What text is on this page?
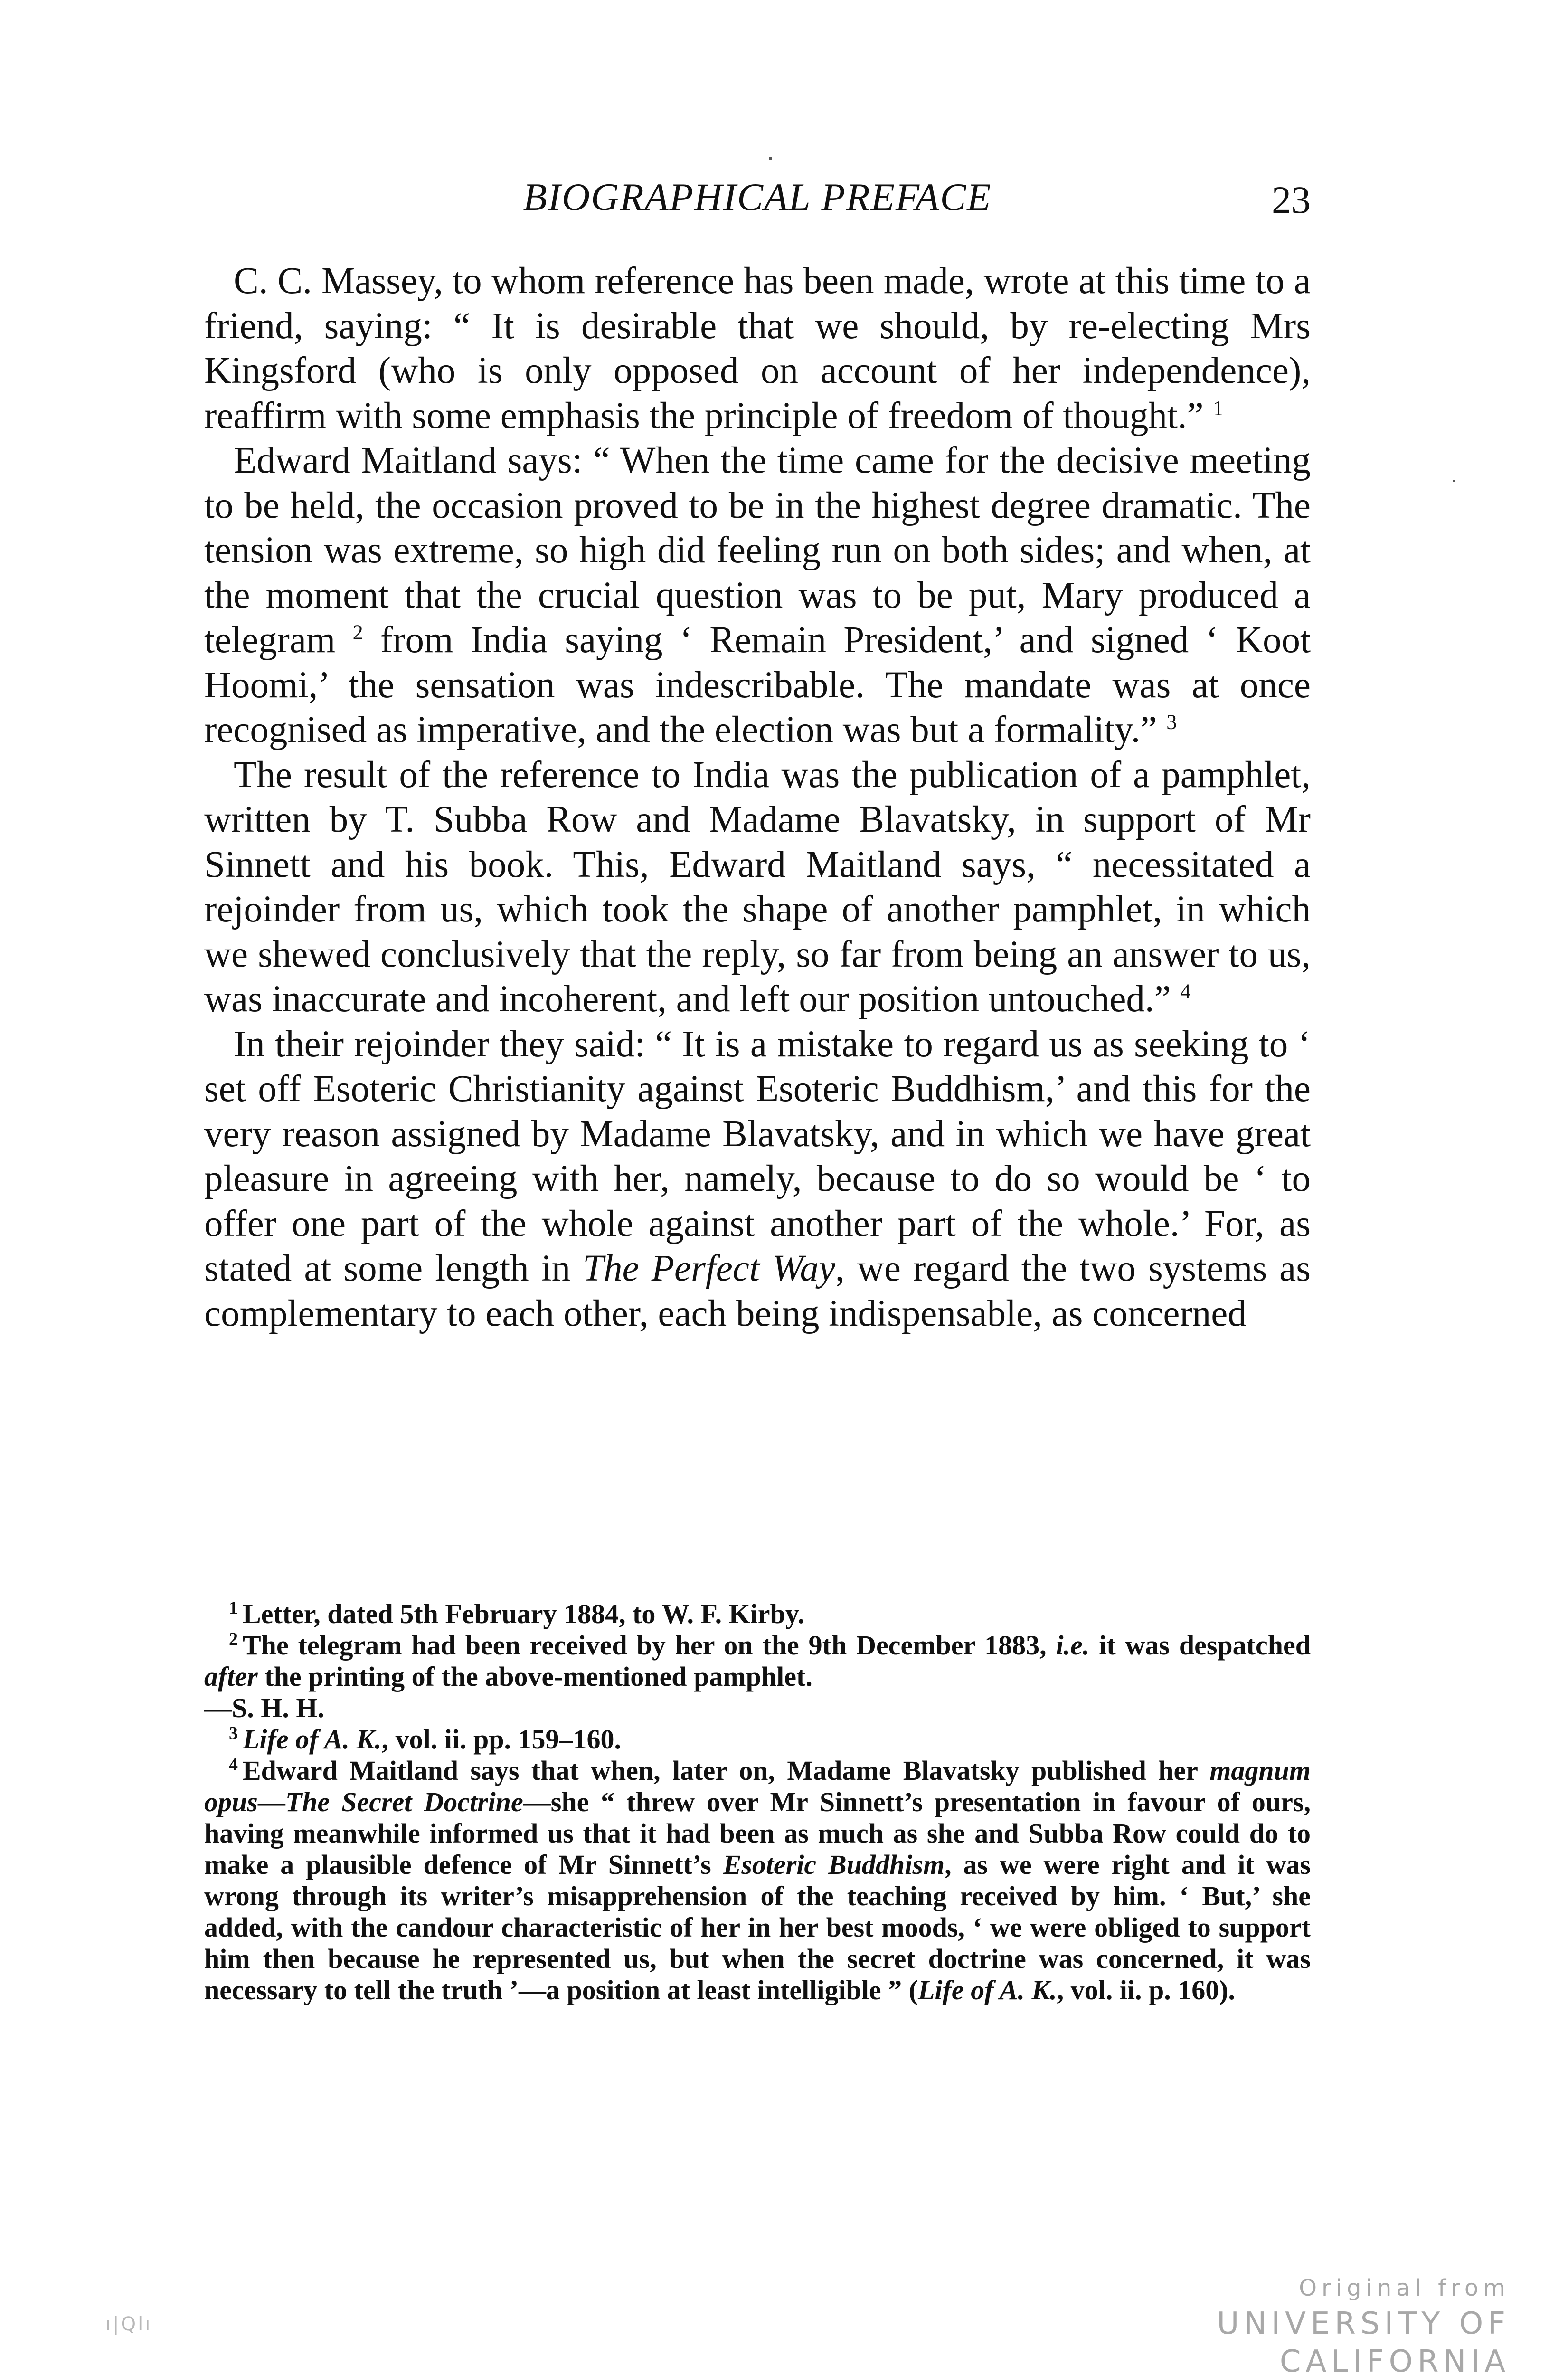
BIOGRAPHICAL PREFACE	23

C. C. Massey, to whom reference has been made, wrote at this time to a friend, saying: “ It is desirable that we should, by re-electing Mrs Kingsford (who is only opposed on account of her independence), reaffirm with some emphasis the principle of freedom of thought.” $^1$

Edward Maitland says: “ When the time came for the decisive meeting to be held, the occasion proved to be in the highest degree dramatic. The tension was extreme, so high did feeling run on both sides; and when, at the moment that the crucial question was to be put, Mary produced a telegram $^2$ from India saying ‘ Remain President,’ and signed ‘ Koot Hoomi,’ the sensation was indescribable. The mandate was at once recognised as imperative, and the election was but a formality.” $^3$

The result of the reference to India was the publication of a pamphlet, written by T. Subba Row and Madame Blavatsky, in support of Mr Sinnett and his book. This, Edward Maitland says, “ necessitated a rejoinder from us, which took the shape of another pamphlet, in which we shewed conclusively that the reply, so far from being an answer to us, was inaccurate and incoherent, and left our position untouched.” $^4$

In their rejoinder they said: “ It is a mistake to regard us as seeking to ‘ set off Esoteric Christianity against Esoteric Buddhism,’ and this for the very reason assigned by Madame Blavatsky, and in which we have great pleasure in agreeing with her, namely, because to do so would be ‘ to offer one part of the whole against another part of the whole.’ For, as stated at some length in The Perfect Way, we regard the two systems as complementary to each other, each being indispensable, as concerned

$^1$ Letter, dated 5th February 1884, to W. F. Kirby.

$^2$ The telegram had been received by her on the 9th December 1883, i.e. it was despatched after the printing of the above-mentioned pamphlet.
—S. H. H.

$^3$ Life of A. K., vol. ii. pp. 159–160.

$^4$ Edward Maitland says that when, later on, Madame Blavatsky published her magnum opus—The Secret Doctrine—she “ threw over Mr Sinnett’s presentation in favour of ours, having meanwhile informed us that it had been as much as she and Subba Row could do to make a plausible defence of Mr Sinnett’s Esoteric Buddhism, as we were right and it was wrong through its writer’s misapprehension of the teaching received by him. ‘ But,’ she added, with the candour characteristic of her in her best moods, ‘ we were obliged to support him then because he represented us, but when the secret doctrine was concerned, it was necessary to tell the truth ’—a position at least intelligible ” (Life of A. K., vol. ii. p. 160).

ı|Qlı
Original from
UNIVERSITY OF CALIFORNIA
